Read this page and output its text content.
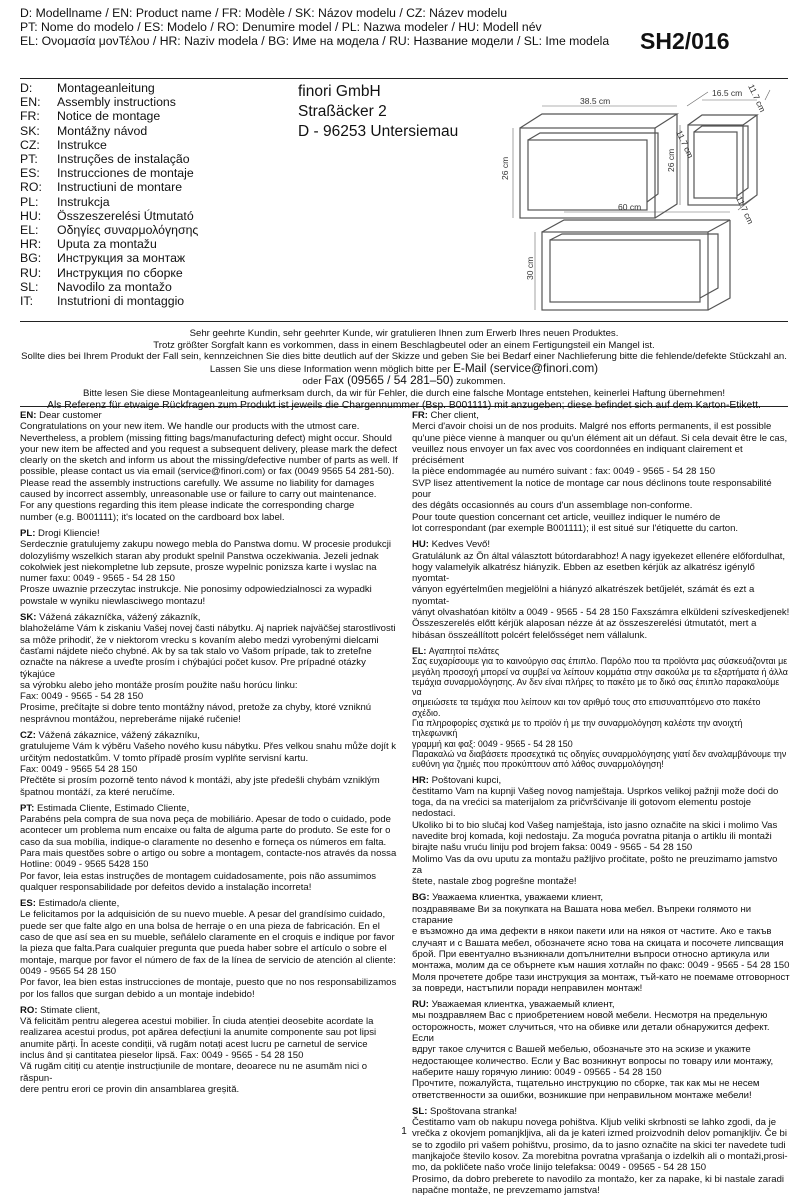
D: Modellname / EN: Product name / FR: Modèle / SK: Názov modelu / CZ: Název modelu
PT: Nome do modelo / ES: Modelo / RO: Denumire model / PL: Nazwa modeler / HU: Modell név
EL: Ονομασία μονΤέλου / HR: Naziv modela / BG: Име на модела / RU: Название модели / SL: Ime modela	SH2/016
D:	Montageanleitung
EN:	Assembly instructions
FR:	Notice de montage
SK:	Montážny návod
CZ:	Instrukce
PT:	Instruções de instalação
ES:	Instrucciones de montaje
RO:	Instructiuni de montare
PL:	Instrukcja
HU:	Összeszerelési Útmutató
EL:	Οδηγίες συναρμολόγησης
HR:	Uputa za montažu
BG:	Инструкция за монтаж
RU:	Инструкция по сборке
SL:	Navodilo za montažo
IT:	Instutrioni di montaggio
finori GmbH
Straßäcker 2
D - 96253 Untersiemau
38.5 cm
11.7 cm
26 cm
16.5 cm 11.7 cm
26 cm
60 cm	11.7 cm
30 cm
Sehr geehrte Kundin, sehr geehrter Kunde, wir gratulieren Ihnen zum Erwerb Ihres neuen Produktes.
Trotz größter Sorgfalt kann es vorkommen, dass in einem Beschlagbeutel oder an einem Fertigungsteil ein Mangel ist.
Sollte dies bei Ihrem Produkt der Fall sein, kennzeichnen Sie dies bitte deutlich auf der Skizze und geben Sie bei Bedarf einer Nachlieferung bitte die fehlende/defekte Stückzahl an.
Lassen Sie uns diese Information wenn möglich bitte per E-Mail (service@finori.com)
oder Fax (09565 / 54 281–50) zukommen.
Bitte lesen Sie diese Montageanleitung aufmerksam durch, da wir für Fehler, die durch eine falsche Montage entstehen, keinerlei Haftung übernehmen!
Als Referenz für etwaige Rückfragen zum Produkt ist jeweils die Chargennummer (Bsp. B001111) mit anzugeben; diese befindet sich auf dem Karton-Etikett.
EN: Dear customer
Congratulations on your new item. We handle our products with the utmost care.
Nevertheless, a problem (missing fitting bags/manufacturing defect) might occur. Should
your new item be affected and you request a subsequent delivery, please mark the defect
clearly on the sketch and inform us about the missing/defective number of parts as well. If
possible, please contact us via email (service@finori.com) or fax (0049 9565 54 281-50).
Please read the assembly instructions carefully. We assume no liability for damages
caused by incorrect assembly, unreasonable use or failure to carry out maintenance.
For any questions regarding this item please indicate the corresponding charge
number (e.g. B001111); it's located on the cardboard box label.
PL: Drogi Kliencie!
Serdecznie gratulujemy zakupu nowego mebla do Panstwa domu. W procesie produkcji
dolozyliśmy wszelkich staran aby produkt spelnil Panstwa oczekiwania. Jezeli jednak
cokolwiek jest niekompletne lub zepsute, prosze wypelnic ponizsza karte i wyslac na
numer faxu: 0049 - 9565 - 54 28 150
Prosze uwaznie przeczytac instrukcje. Nie ponosimy odpowiedzialnosci za wypadki
powstale w wyniku niewlasciwego montazu!
SK: Vážená zákazníčka, vážený zákazník,
blahoželáme Vám k ziskaniu Vašej novej časti nábytku. Aj napriek najväčšej starostlivosti
sa môže prihodiť, že v niektorom vrecku s kovaním alebo medzi vyrobenými dielcami
časťami nájdete niečo chybné. Ak by sa tak stalo vo Vašom prípade, tak to zreteľne
označte na nákrese a uveďte prosím i chýbajúci počet kusov. Pre prípadné otázky týkajúce
sa výrobku alebo jeho montáže prosím použite našu horúcu linku:
Fax: 0049 - 9565 - 54 28 150
Prosime, prečítajte si dobre tento montážny návod, pretože za chyby, ktoré vzniknú
nesprávnou montážou, nepreberáme nijaké ručenie!
CZ: Vážená zákaznice, vážený zákazníku,
gratulujeme Vám k výběru Vašeho nového kusu nábytku. Přes velkou snahu může dojít k
určitým nedostatkům. V tomto případě prosím vyplňte servisní kartu.
Fax: 0049 - 9565 54 28 150
Přečtěte si prosím pozorně tento návod k montáži, aby jste předešli chybám vzniklým
špatnou montáží, za které neručíme.
PT: Estimada Cliente, Estimado Cliente,
Parabéns pela compra de sua nova peça de mobiliário. Apesar de todo o cuidado, pode
acontecer um problema num encaixe ou falta de alguma parte do produto. Se este for o
caso da sua mobília, indique-o claramente no desenho e forneça os números em falta.
Para mais questões sobre o artigo ou sobre a montagem, contacte-nos através da nossa
Hotline: 0049 - 9565 5428 150
Por favor, leia estas instruções de montagem cuidadosamente, pois não assumimos
qualquer responsabilidade por defeitos devido a instalação incorreta!
ES: Estimado/a cliente,
Le felicitamos por la adquisición de su nuevo mueble. A pesar del grandísimo cuidado,
puede ser que falte algo en una bolsa de herraje o en una pieza de fabricación. En el
caso de que así sea en su mueble, señálelo claramente en el croquis e indique por favor
la pieza que falta.Para cualquier pregunta que pueda haber sobre el artículo o sobre el
montaje, marque por favor el número de fax de la línea de servicio de atención al cliente:
0049 - 9565 54 28 150
Por favor, lea bien estas instrucciones de montaje, puesto que no nos responsabilizamos
por los fallos que surgan debido a un montaje indebido!
RO: Stimate client,
Vă felicităm pentru alegerea acestui mobilier. În ciuda atenției deosebite acordate la
realizarea acestui produs, pot apărea defecțiuni la anumite componente sau pot lipsi
anumite părți. În aceste condiții, vă rugăm notați acest lucru pe carnetul de service
inclus ând și cantitatea pieselor lipsă. Fax: 0049 - 9565 - 54 28 150
Vă rugăm citiți cu atenție instrucțiunile de montare, deoarece nu ne asumăm nici o răspun-
dere pentru erori ce provin din ansamblarea greșită.
FR: Cher client,
Merci d'avoir choisi un de nos produits. Malgré nos efforts permanents, il est possible
qu'une pièce vienne à manquer ou qu'un élément ait un défaut. Si cela devait être le cas,
veuillez nous envoyer un fax avec vos coordonnées en indiquant clairement et précisément
la pièce endommagée au numéro suivant : fax: 0049 - 9565 - 54 28 150
SVP lisez attentivement la notice de montage car nous déclinons toute responsabilité pour
des dégâts occasionnés au cours d'un assemblage non-conforme.
Pour toute question concernant cet article, veuillez indiquer le numéro de
lot correspondant (par exemple B001111); il est situé sur l'étiquette du carton.
HU: Kedves Vevő!
Gratulálunk az Ön által választott bútordarabhoz! A nagy igyekezet ellenére előfordulhat,
hogy valamelyik alkatrész hiányzik. Ebben az esetben kérjük az alkatrész igénylő nyomtat-
ványon egyértelműen megjelölni a hiányzó alkatrészek betűjelét, számát és ezt a nyomtat-
ványt olvashatóan kitöltv a 0049 - 9565 - 54 28 150 Faxszámra elküldeni szíveskedjenek!
Összeszerelés előtt kérjük alaposan nézze át az összeszerelési útmutatót, mert a
hibásan összeállított polcért felelősséget nem vállalunk.
EL: Αγαπητοί πελάτες
Σας ευχαρίσουμε για το καινούργιο σας έπιπλο. Παρόλο που τα προϊόντα μας σύσκευάζονται με
μεγάλη προσοχή μπορεί να συμβεί να λείπουν κομμάτια στην σακούλα με τα εξαρτήματα ή άλλα
τεμάχια συναρμολόγησης. Αν δεν είναι πλήρες το πακέτο με το δικό σας έπιπλο παρακαλούμε να
σημειώσετε τα τεμάχια που λείπουν και τον αριθμό τους στο επισυναπτόμενο στο πακέτο σχέδιο.
Για πληροφορίες σχετικά με το προϊόν ή με την συναρμολόγηση καλέστε την ανοιχτή τηλεφωνική
γραμμή και φαξ: 0049 - 9565 - 54 28 150
Παρακαλώ να διαβάσετε προσεχτικά τις οδηγίες συναρμολόγησης γιατί δεν αναλαμβάνουμε την
ευθύνη για ζημιές που προκύπτουν από λάθος συναρμολόγηση!
HR: Poštovani kupci,
čestitamo Vam na kupnji Vašeg novog namještaja. Usprkos velikoj pažnji može doći do
toga, da na vrećici sa materijalom za pričvršćivanje ili gotovom elementu postoje nedostaci.
Ukoliko bi to bio slučaj kod Vašeg namještaja, isto jasno označite na skici i molimo Vas
navedite broj komada, koji nedostaju. Za moguća povratna pitanja o artiklu ili montaži
birajte našu vruću liniju pod brojem faksa: 0049 - 9565 - 54 28 150
Molimo Vas da ovu uputu za montažu pažljivo pročitate, pošto ne preuzimamo jamstvo za
štete, nastale zbog pogrešne montaže!
BG: Уважаема клиентка, уважаеми клиент,
поздравяваме Ви за покупката на Вашата нова мебел. Въпреки голямото ни старание
е възможно да има дефекти в някои пакети или на някоя от частите. Ако е такъв
случаят и с Вашата мебел, обозначете ясно това на скицата и посочете липсващия
брой. При евентуално възникнали допълнителни въпроси относно артикула или
монтажа, молим да се обърнете към нашия хотлайн по факс: 0049 - 9565 - 54 28 150
Моля прочетете добре тази инструкция за монтаж, тъй-като не поемаме отговорност
за повреди, настъпили поради неправилен монтаж!
RU: Уважаемая клиентка, уважаемый клиент,
мы поздравляем Вас с приобретением новой мебели. Несмотря на предельную
осторожность, может случиться, что на обивке или детали обнаружится дефект. Если
вдруг такое случится с Вашей мебелью, обозначьте это на эскизе и укажите
недостающее количество. Если у Вас возникнут вопросы по товару или монтажу,
наберите нашу горячую линию: 0049 - 09565 - 54 28 150
Прочтите, пожалуйста, тщательно инструкцию по сборке, так как мы не несем
ответственности за ошибки, возникшие при неправильном монтаже мебели!
SL: Spoštovana stranka!
Čestitamo vam ob nakupu novega pohištva. Kljub veliki skrbnosti se lahko zgodi, da je
vrečka z okovjem pomanjkljiva, ali da je kateri izmed proizvodnih delov pomanjkljiv. Če bi
se to zgodilo pri vašem pohištvu, prosimo, da to jasno označite na skici ter navedete tudi
manjkajoče število kosov. Za morebitna povratna vprašanja o izdelkih ali o montaži,prosi-
mo, da pokličete našo vroče linijo telefaksa: 0049 - 09565 - 54 28 150
Prosimo, da dobro preberete to navodilo za montažo, ker za napake, ki bi nastale zaradi
napačne montaže, ne prevzemamo jamstva!
1
